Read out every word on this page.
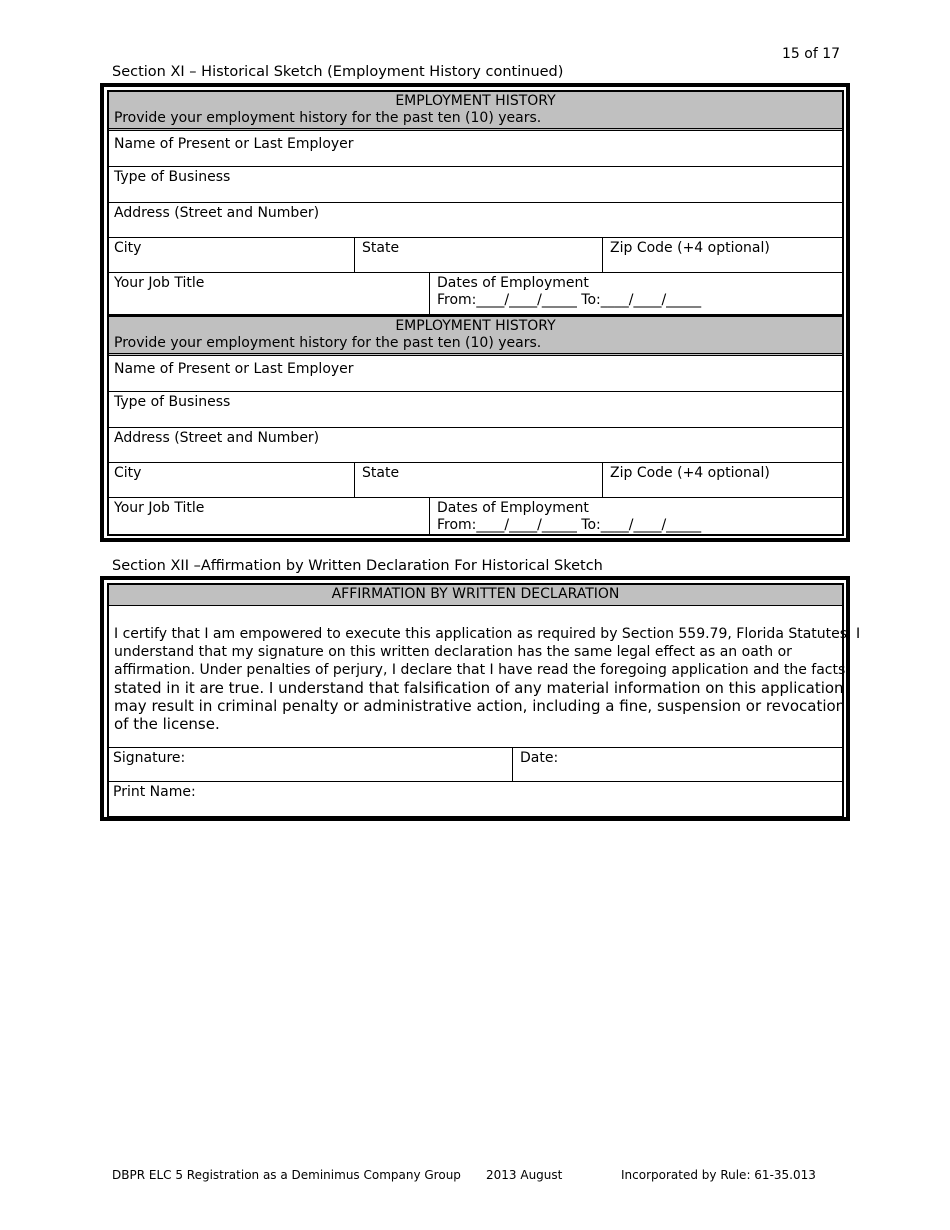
15 of 17
Section XI – Historical Sketch (Employment History continued)
EMPLOYMENT HISTORY
Provide your employment history for the past ten (10) years.
Name of Present or Last Employer
Type of Business
Address (Street and Number)
City	State	Zip Code (+4 optional)
Your Job Title	Dates of Employment
From:____/____/_____ To:____/____/_____
EMPLOYMENT HISTORY
Provide your employment history for the past ten (10) years.
Name of Present or Last Employer
Type of Business
Address (Street and Number)
City	State	Zip Code (+4 optional)
Your Job Title	Dates of Employment
From:____/____/_____ To:____/____/_____
Section XII –Affirmation by Written Declaration For Historical Sketch
AFFIRMATION BY WRITTEN DECLARATION
I certify that I am empowered to execute this application as required by Section 559.79, Florida Statutes. I
understand that my signature on this written declaration has the same legal effect as an oath or
affirmation. Under penalties of perjury, I declare that I have read the foregoing application and the facts
stated in it are true. I understand that falsification of any material information on this application
may result in criminal penalty or administrative action, including a fine, suspension or revocation
of the license.
Signature:	Date:
Print Name:
DBPR ELC 5 Registration as a Deminimus Company Group 2013 August	Incorporated by Rule: 61-35.013
